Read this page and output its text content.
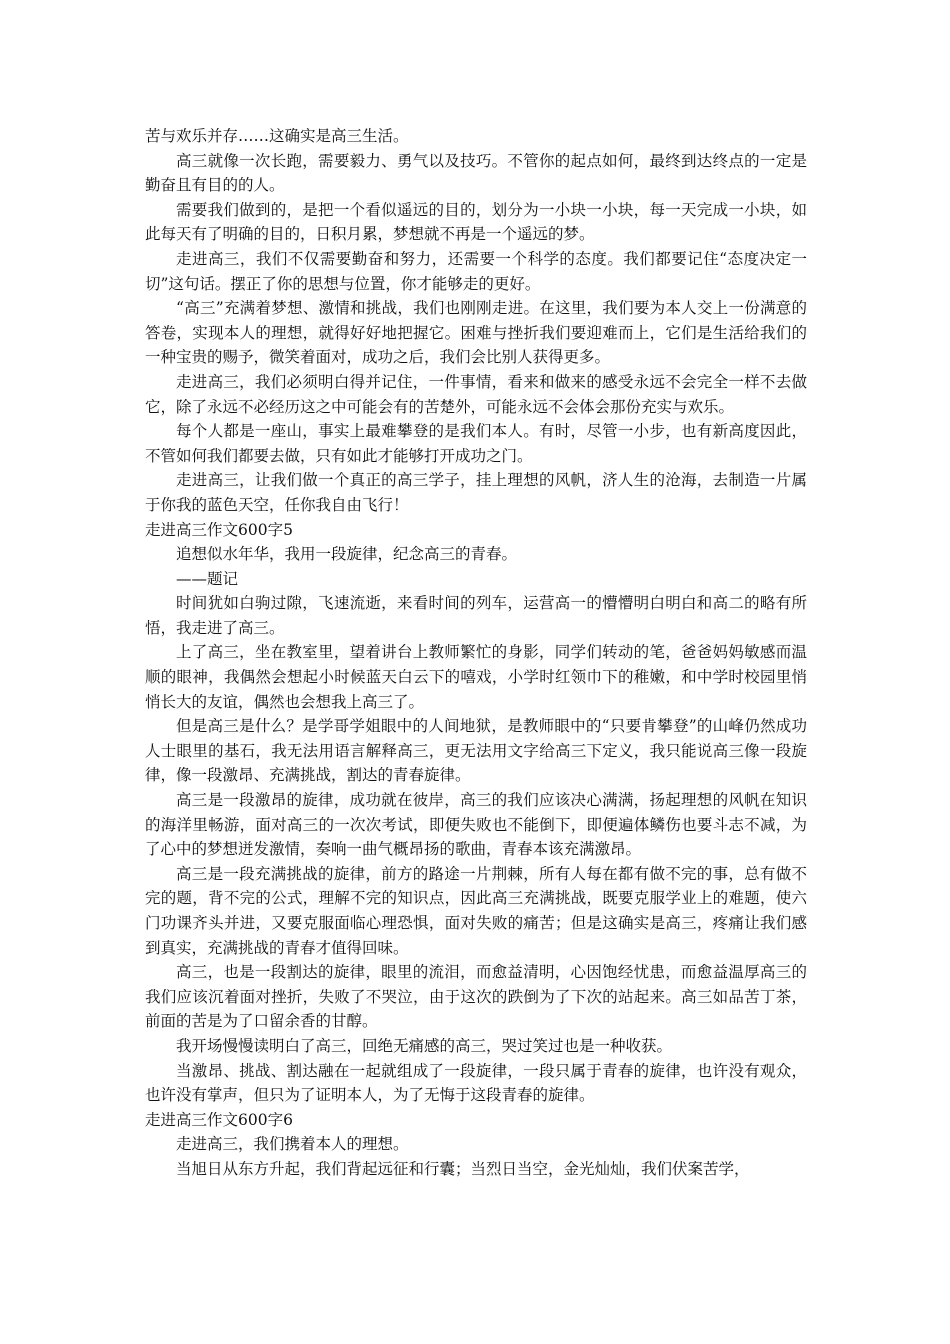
苦与欢乐并存……这确实是高三生活。

高三就像一次长跑，需要毅力、勇气以及技巧。不管你的起点如何，最终到达终点的一定是勤奋且有目的的人。

需要我们做到的，是把一个看似遥远的目的，划分为一小块一小块，每一天完成一小块，如此每天有了明确的目的，日积月累，梦想就不再是一个遥远的梦。

走进高三，我们不仅需要勤奋和努力，还需要一个科学的态度。我们都要记住“态度决定一切”这句话。摆正了你的思想与位置，你才能够走的更好。

“高三”充满着梦想、激情和挑战，我们也刚刚走进。在这里，我们要为本人交上一份满意的答卷，实现本人的理想，就得好好地把握它。困难与挫折我们要迎难而上，它们是生活给我们的一种宝贵的赐予，微笑着面对，成功之后，我们会比别人获得更多。

走进高三，我们必须明白得并记住，一件事情，看来和做来的感受永远不会完全一样不去做它，除了永远不必经历这之中可能会有的苦楚外，可能永远不会体会那份充实与欢乐。

每个人都是一座山，事实上最难攀登的是我们本人。有时，尽管一小步，也有新高度因此，不管如何我们都要去做，只有如此才能够打开成功之门。

走进高三，让我们做一个真正的高三学子，挂上理想的风帆，济人生的沧海，去制造一片属于你我的蓝色天空，任你我自由飞行！

走进高三作文600字5

追想似水年华，我用一段旋律，纪念高三的青春。

——题记

时间犹如白驹过隙，飞速流逝，来看时间的列车，运营高一的懵懵明白明白和高二的略有所悟，我走进了高三。

上了高三，坐在教室里，望着讲台上教师繁忙的身影，同学们转动的笔，爸爸妈妈敏感而温顺的眼神，我偶然会想起小时候蓝天白云下的嘻戏，小学时红领巾下的稚嫩，和中学时校园里悄悄长大的友谊，偶然也会想我上高三了。

但是高三是什么？是学哥学姐眼中的人间地狱，是教师眼中的“只要肯攀登”的山峰仍然成功人士眼里的基石，我无法用语言解释高三，更无法用文字给高三下定义，我只能说高三像一段旋律，像一段激昂、充满挑战，割达的青春旋律。

高三是一段激昂的旋律，成功就在彼岸，高三的我们应该决心满满，扬起理想的风帆在知识的海洋里畅游，面对高三的一次次考试，即便失败也不能倒下，即便遍体鳞伤也要斗志不减，为了心中的梦想迸发激情，奏响一曲气概昂扬的歌曲，青春本该充满激昂。

高三是一段充满挑战的旋律，前方的路途一片荆棘，所有人每在都有做不完的事，总有做不完的题，背不完的公式，理解不完的知识点，因此高三充满挑战，既要克服学业上的难题，使六门功课齐头并进，又要克服面临心理恐惧，面对失败的痛苦；但是这确实是高三，疼痛让我们感到真实，充满挑战的青春才值得回味。

高三，也是一段割达的旋律，眼里的流泪，而愈益清明，心因饱经忧患，而愈益温厚高三的我们应该沉着面对挫折，失败了不哭泣，由于这次的跌倒为了下次的站起来。高三如品苦丁茶，前面的苦是为了口留余香的甘醇。

我开场慢慢读明白了高三，回绝无痛感的高三，哭过笑过也是一种收获。

当激昂、挑战、割达融在一起就组成了一段旋律，一段只属于青春的旋律，也许没有观众，也许没有掌声，但只为了证明本人，为了无悔于这段青春的旋律。

走进高三作文600字6

走进高三，我们携着本人的理想。

当旭日从东方升起，我们背起远征和行囊；当烈日当空，金光灿灿，我们伏案苦学，
